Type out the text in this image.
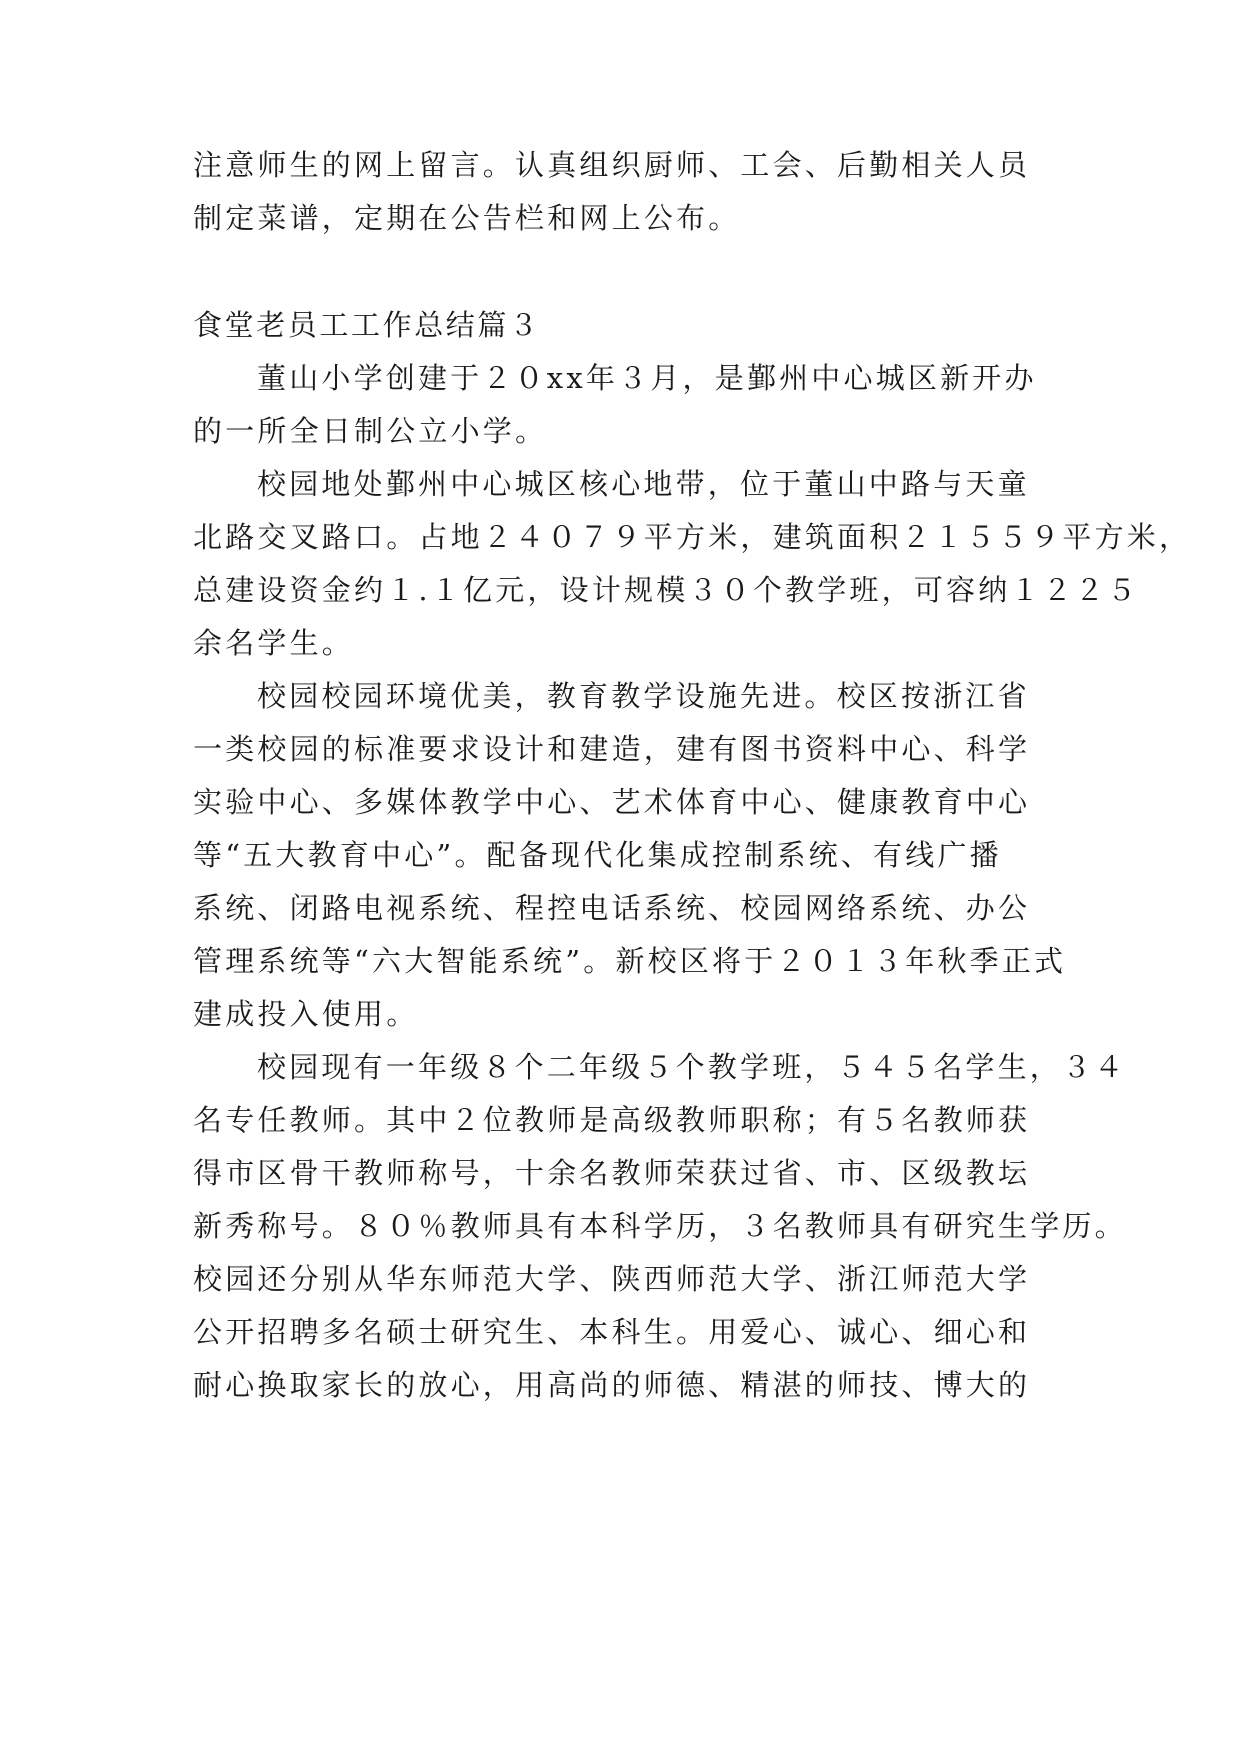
注意师生的网上留言。认真组织厨师、工会、后勤相关人员
制定菜谱，定期在公告栏和网上公布。
食堂老员工工作总结篇３
董山小学创建于２０xx年３月，是鄞州中心城区新开办
的一所全日制公立小学。
校园地处鄞州中心城区核心地带，位于董山中路与天童
北路交叉路口。占地２４０７９平方米，建筑面积２１５５９平方米，
总建设资金约１.１亿元，设计规模３０个教学班，可容纳１２２５
余名学生。
校园校园环境优美，教育教学设施先进。校区按浙江省
一类校园的标准要求设计和建造，建有图书资料中心、科学
实验中心、多媒体教学中心、艺术体育中心、健康教育中心
等“五大教育中心”。配备现代化集成控制系统、有线广播
系统、闭路电视系统、程控电话系统、校园网络系统、办公
管理系统等“六大智能系统”。新校区将于２０１３年秋季正式
建成投入使用。
校园现有一年级８个二年级５个教学班，５４５名学生，３４
名专任教师。其中２位教师是高级教师职称；有５名教师获
得市区骨干教师称号，十余名教师荣获过省、市、区级教坛
新秀称号。８０％教师具有本科学历，３名教师具有研究生学历。
校园还分别从华东师范大学、陕西师范大学、浙江师范大学
公开招聘多名硕士研究生、本科生。用爱心、诚心、细心和
耐心换取家长的放心，用高尚的师德、精湛的师技、博大的
